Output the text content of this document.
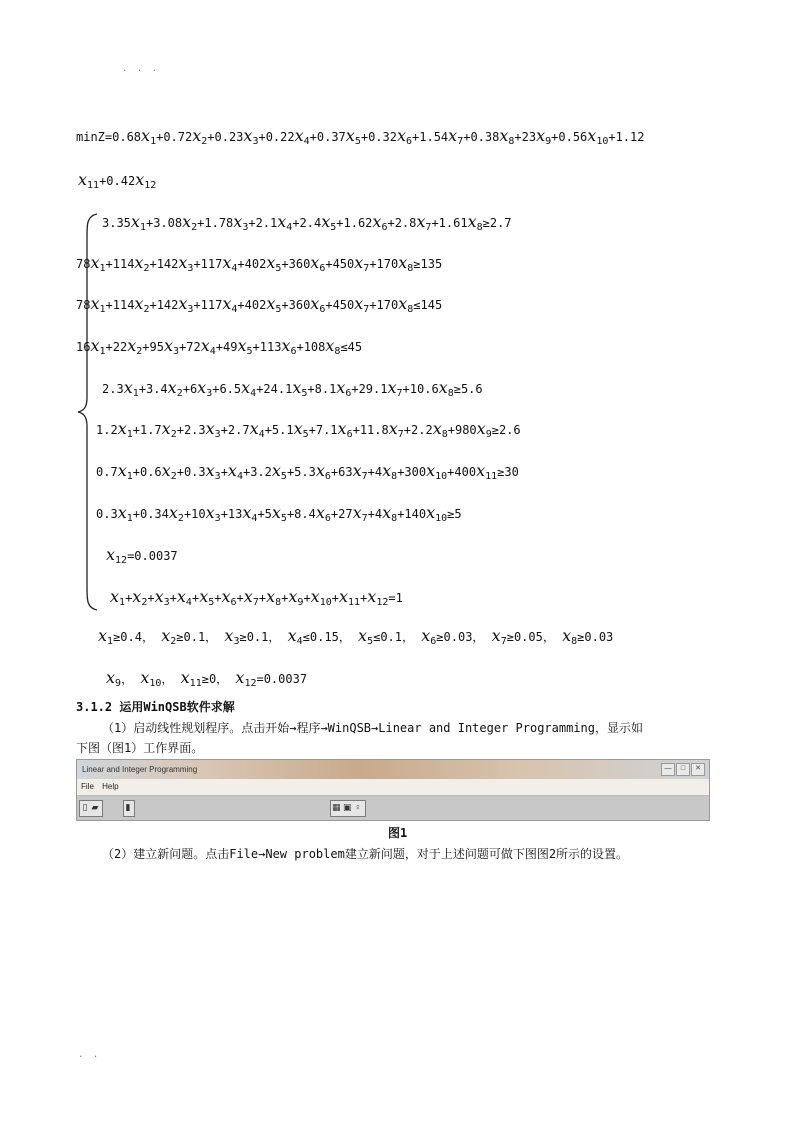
. . .
$\min Z=0.68x_1+0.72x_2+0.23x_3+0.22x_4+0.37x_5+0.32x_6+1.54x_7+0.38x_8+23x_9+0.56x_{10}+1.12$
$x_{11}+0.42x_{12}$
$3.35x_1+3.08x_2+1.78x_3+2.1x_4+2.4x_5+1.62x_6+2.8x_7+1.61x_8\ge 2.7$
$78x_1+114x_2+142x_3+117x_4+402x_5+360x_6+450x_7+170x_8\ge 135$
$78x_1+114x_2+142x_3+117x_4+402x_5+360x_6+450x_7+170x_8\le 145$
$16x_1+22x_2+95x_3+72x_4+49x_5+113x_6+108x_8\le 45$
$2.3x_1+3.4x_2+6x_3+6.5x_4+24.1x_5+8.1x_6+29.1x_7+10.6x_8\ge 5.6$
$1.2x_1+1.7x_2+2.3x_3+2.7x_4+5.1x_5+7.1x_6+11.8x_7+2.2x_8+980x_9\ge 2.6$
$0.7x_1+0.6x_2+0.3x_3+x_4+3.2x_5+5.3x_6+63x_7+4x_8+300x_{10}+400x_{11}\ge 30$
$0.3x_1+0.34x_2+10x_3+13x_4+5x_5+8.4x_6+27x_7+4x_8+140x_{10}\ge 5$
$x_{12}=0.0037$
$x_1+x_2+x_3+x_4+x_5+x_6+x_7+x_8+x_9+x_{10}+x_{11}+x_{12}=1$
$x_1\ge 0.4$， $x_2\ge 0.1$， $x_3\ge 0.1$， $x_4\le 0.15$， $x_5\le 0.1$， $x_6\ge 0.03$， $x_7\ge 0.05$， $x_8\ge 0.03$
$x_9$， $x_{10}$， $x_{11}\ge 0$， $x_{12}=0.0037$
3.1.2 运用WinQSB软件求解
（1）启动线性规划程序。点击开始→程序→WinQSB→Linear and Integer Programming，显示如
下图（图1）工作界面。
Linear and Integer Programming	—	□	✕
File Help
▯ ▰	▮	▦ ▣ ♀
图1
（2）建立新问题。点击File→New problem建立新问题，对于上述问题可做下图图2所示的设置。
. .
